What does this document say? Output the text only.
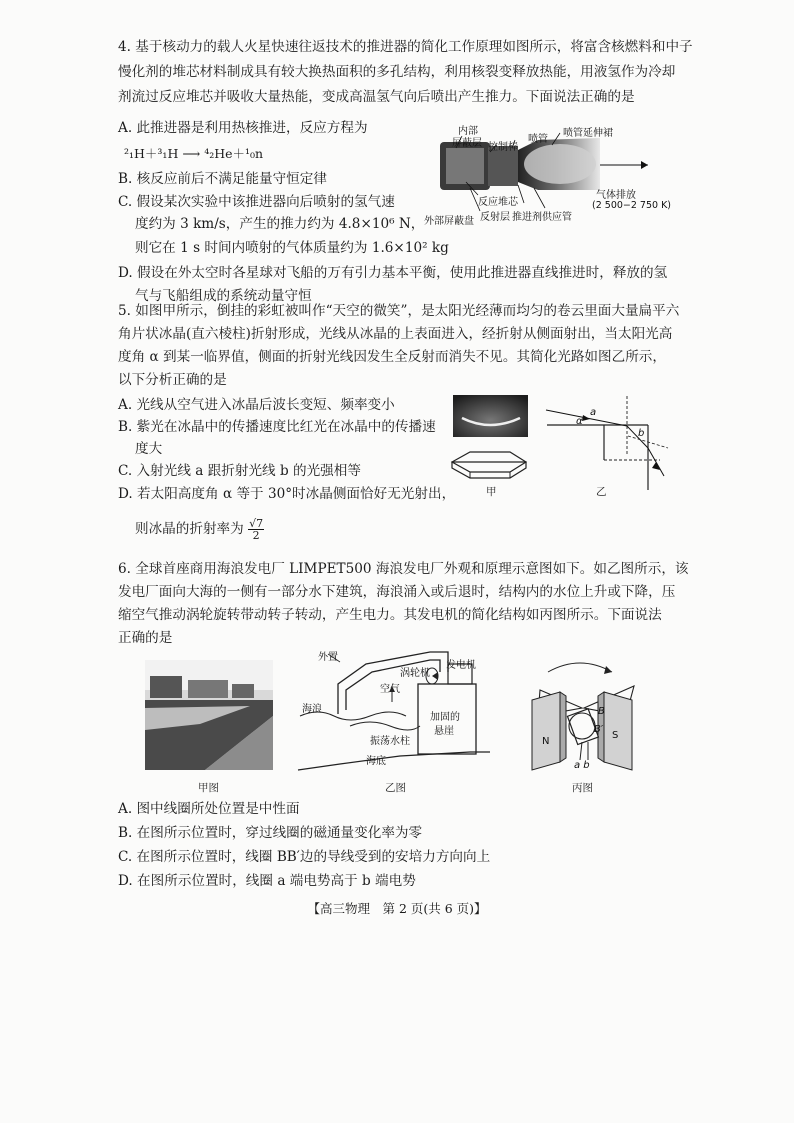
4. 基于核动力的载人火星快速往返技术的推进器的简化工作原理如图所示，将富含核燃料和中子
慢化剂的堆芯材料制成具有较大换热面积的多孔结构，利用核裂变释放热能，用液氢作为冷却
剂流过反应堆芯并吸收大量热能，变成高温氢气向后喷出产生推力。下面说法正确的是
A. 此推进器是利用热核推进，反应方程为
²₁H＋³₁H ⟶ ⁴₂He＋¹₀n
B. 核反应前后不满足能量守恒定律
C. 假设某次实验中该推进器向后喷射的氢气速
度约为 3 km/s，产生的推力约为 4.8×10⁶ N，
则它在 1 s 时间内喷射的气体质量约为 1.6×10² kg
D. 假设在外太空时各星球对飞船的万有引力基本平衡，使用此推进器直线推进时，释放的氢
气与飞船组成的系统动量守恒
内部
屏蔽层 控制棒
喷管
喷管延伸裙
反应堆芯
气体排放
(2 500−2 750 K)
外部屏蔽盘 反射层 推进剂供应管
5. 如图甲所示，倒挂的彩虹被叫作“天空的微笑”，是太阳光经薄而均匀的卷云里面大量扁平六
角片状冰晶(直六棱柱)折射形成，光线从冰晶的上表面进入，经折射从侧面射出，当太阳光高
度角 α 到某一临界值，侧面的折射光线因发生全反射而消失不见。其简化光路如图乙所示，
以下分析正确的是
A. 光线从空气进入冰晶后波长变短、频率变小
B. 紫光在冰晶中的传播速度比红光在冰晶中的传播速
度大
C. 入射光线 a 跟折射光线 b 的光强相等
D. 若太阳高度角 α 等于 30°时冰晶侧面恰好无光射出，
则冰晶的折射率为 $\frac{√7}{2}$
甲
a
α
b
乙
6. 全球首座商用海浪发电厂 LIMPET500 海浪发电厂外观和原理示意图如下。如乙图所示，该
发电厂面向大海的一侧有一部分水下建筑，海浪涌入或后退时，结构内的水位上升或下降，压
缩空气推动涡轮旋转带动转子转动，产生电力。其发电机的简化结构如丙图所示。下面说法
正确的是
甲图
外置
涡轮机
发电机
空气
海浪
加固的
悬崖
振荡水柱
海底
乙图
N
S
B
B′
a b
丙图
A. 图中线圈所处位置是中性面
B. 在图所示位置时，穿过线圈的磁通量变化率为零
C. 在图所示位置时，线圈 BB′边的导线受到的安培力方向向上
D. 在图所示位置时，线圈 a 端电势高于 b 端电势
【高三物理　第 2 页(共 6 页)】
